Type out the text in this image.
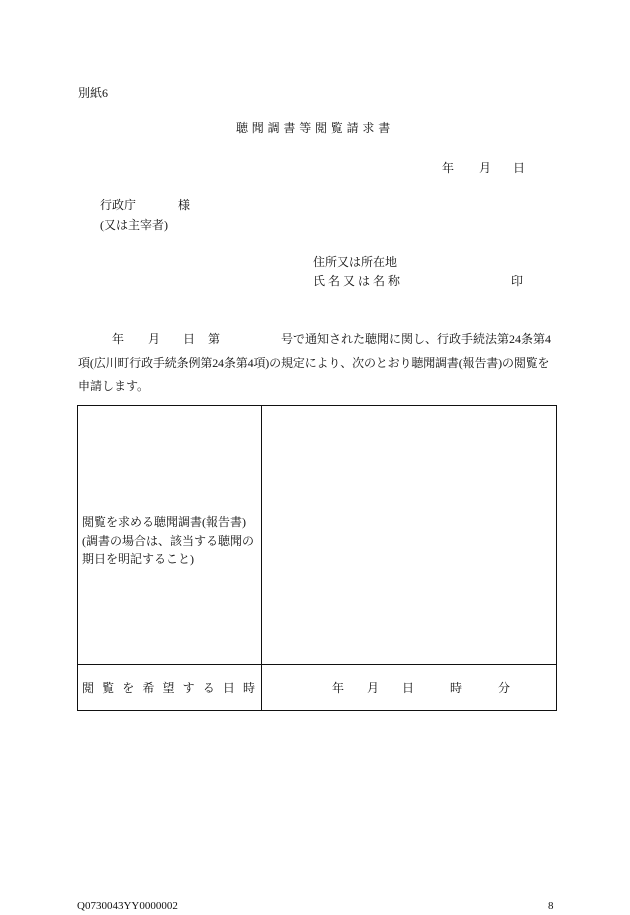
別紙6
聴 聞 調 書 等 閲 覧 請 求 書
年 月 日
行政庁	様
(又は主宰者)
住所又は所在地
氏 名 又 は 名 称	印
年 月 日 第	号で通知された聴聞に関し、行政手続法第24条第4
項(広川町行政手続条例第24条第4項)の規定により、次のとおり聴聞調書(報告書)の閲覧を
申請します。
閲覧を求める聴聞調書(報告書)
(調書の場合は、該当する聴聞の
期日を明記すること)
閲 覧 を 希 望 す る 日 時	年 月 日	時	分
Q0730043YY0000002	8
